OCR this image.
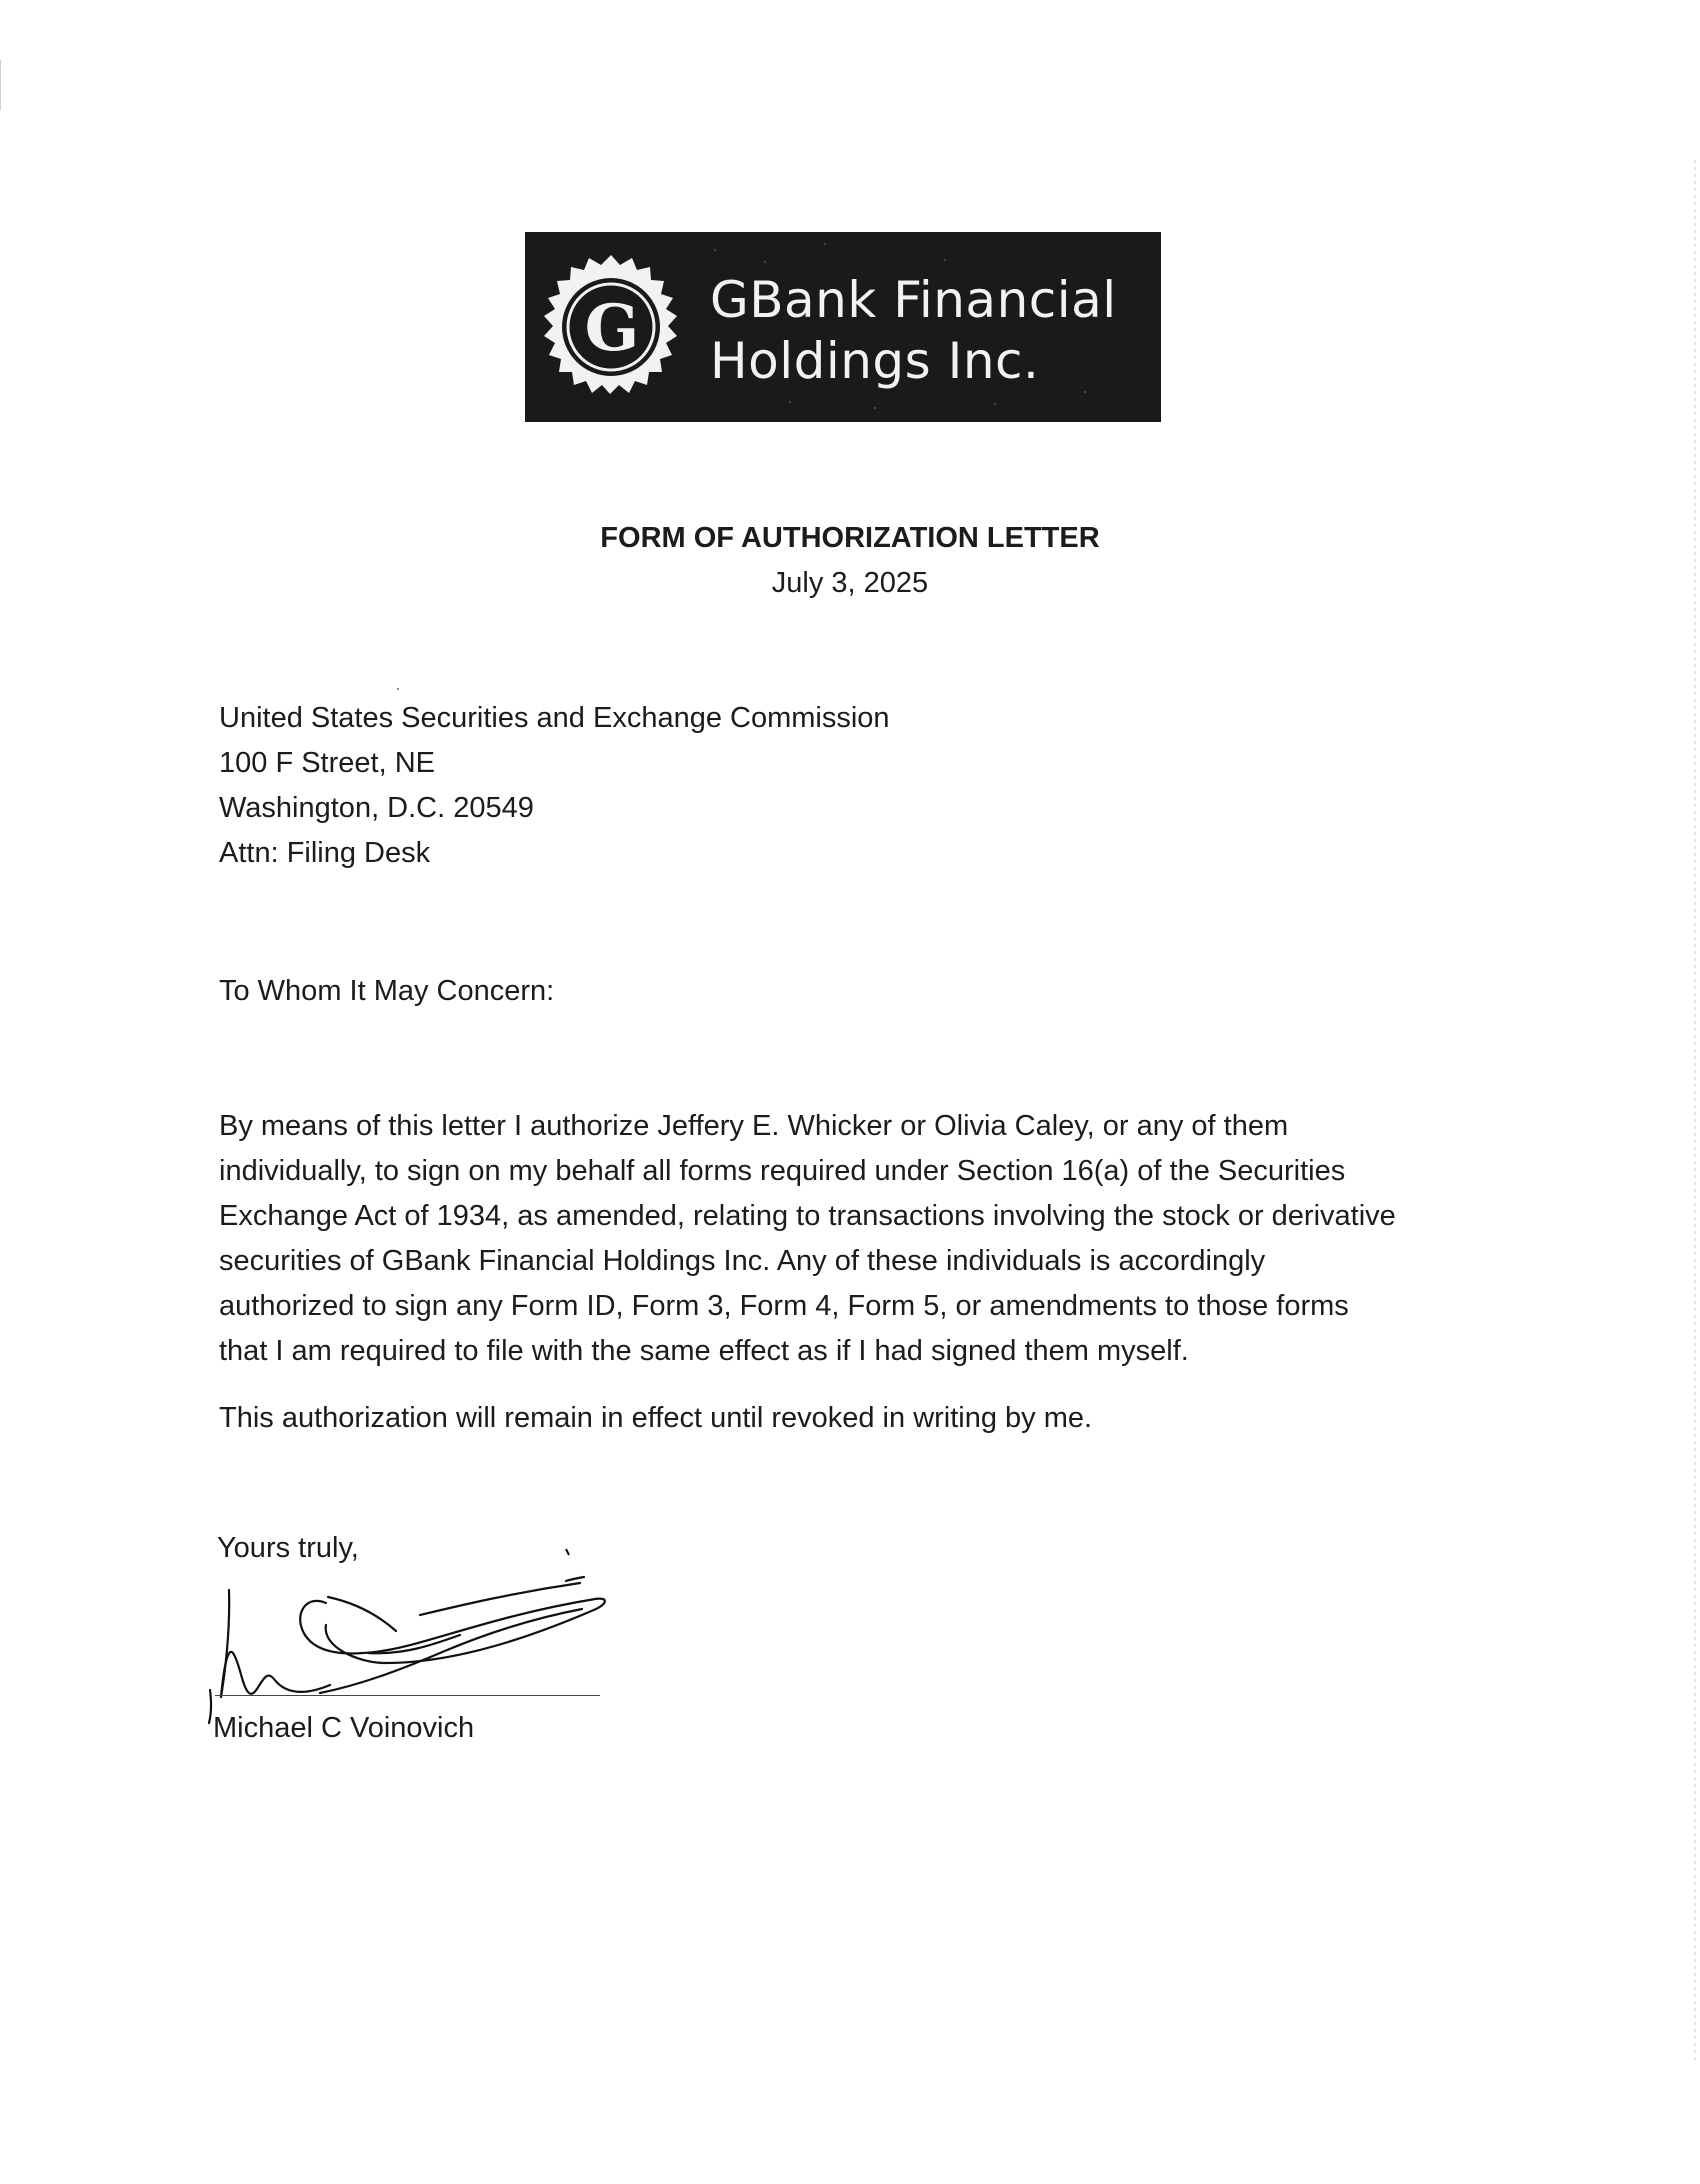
G GBank Financial
Holdings Inc.
FORM OF AUTHORIZATION LETTER
July 3, 2025
United States Securities and Exchange Commission
100 F Street, NE
Washington, D.C. 20549
Attn: Filing Desk
To Whom It May Concern:
By means of this letter I authorize Jeffery E. Whicker or Olivia Caley, or any of them
individually, to sign on my behalf all forms required under Section 16(a) of the Securities
Exchange Act of 1934, as amended, relating to transactions involving the stock or derivative
securities of GBank Financial Holdings Inc. Any of these individuals is accordingly
authorized to sign any Form ID, Form 3, Form 4, Form 5, or amendments to those forms
that I am required to file with the same effect as if I had signed them myself.
This authorization will remain in effect until revoked in writing by me.
Yours truly,
Michael C Voinovich
